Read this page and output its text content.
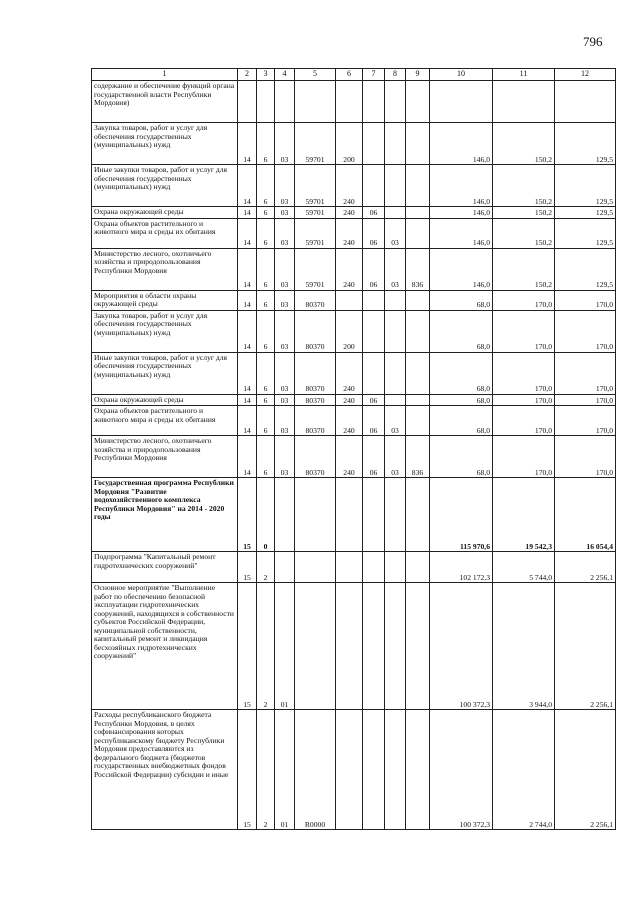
796
1	2	3	4	5	6	7	8	9	10	11	12
содержание и обеспечение функций органа государственной власти Республики Мордовия)											
Закупка товаров, работ и услуг для обеспечения государственных (муниципальных) нужд	14	6	03	59701	200				146,0	150,2	129,5
Иные закупки товаров, работ и услуг для обеспечения государственных (муниципальных) нужд	14	6	03	59701	240				146,0	150,2	129,5
Охрана окружающей среды	14	6	03	59701	240	06			146,0	150,2	129,5
Охрана объектов растительного и животного мира и среды их обитания	14	6	03	59701	240	06	03		146,0	150,2	129,5
Министерство лесного, охотничьего хозяйства и природопользования Республики Мордовия	14	6	03	59701	240	06	03	836	146,0	150,2	129,5
Мероприятия в области охраны окружающей среды	14	6	03	80370					68,0	170,0	170,0
Закупка товаров, работ и услуг для обеспечения государственных (муниципальных) нужд	14	6	03	80370	200				68,0	170,0	170,0
Иные закупки товаров, работ и услуг для обеспечения государственных (муниципальных) нужд	14	6	03	80370	240				68,0	170,0	170,0
Охрана окружающей среды	14	6	03	80370	240	06			68,0	170,0	170,0
Охрана объектов растительного и животного мира и среды их обитания	14	6	03	80370	240	06	03		68,0	170,0	170,0
Министерство лесного, охотничьего хозяйства и природопользования Республики Мордовия	14	6	03	80370	240	06	03	836	68,0	170,0	170,0
Государственная программа Республики Мордовия "Развитие водохозяйственного комплекса Республики Мордовия" на 2014 - 2020 годы	15	0							115 970,6	19 542,3	16 054,4
Подпрограмма "Капитальный ремонт гидротехнических сооружений"	15	2							102 172,3	5 744,0	2 256,1
Основное мероприятие "Выполнение работ по обеспечению безопасной эксплуатации гидротехнических сооружений, находящихся в собственности субъектов Российской Федерации, муниципальной собственности, капитальный ремонт и ликвидация бесхозяйных гидротехнических сооружений"	15	2	01						100 372,3	3 944,0	2 256,1
Расходы республиканского бюджета Республики Мордовия, в целях софинансирования которых республиканскому бюджету Республики Мордовия предоставляются из федерального бюджета (бюджетов государственных внебюджетных фондов Российской Федерации) субсидии и иные	15	2	01	R0000					100 372,3	2 744,0	2 256,1
